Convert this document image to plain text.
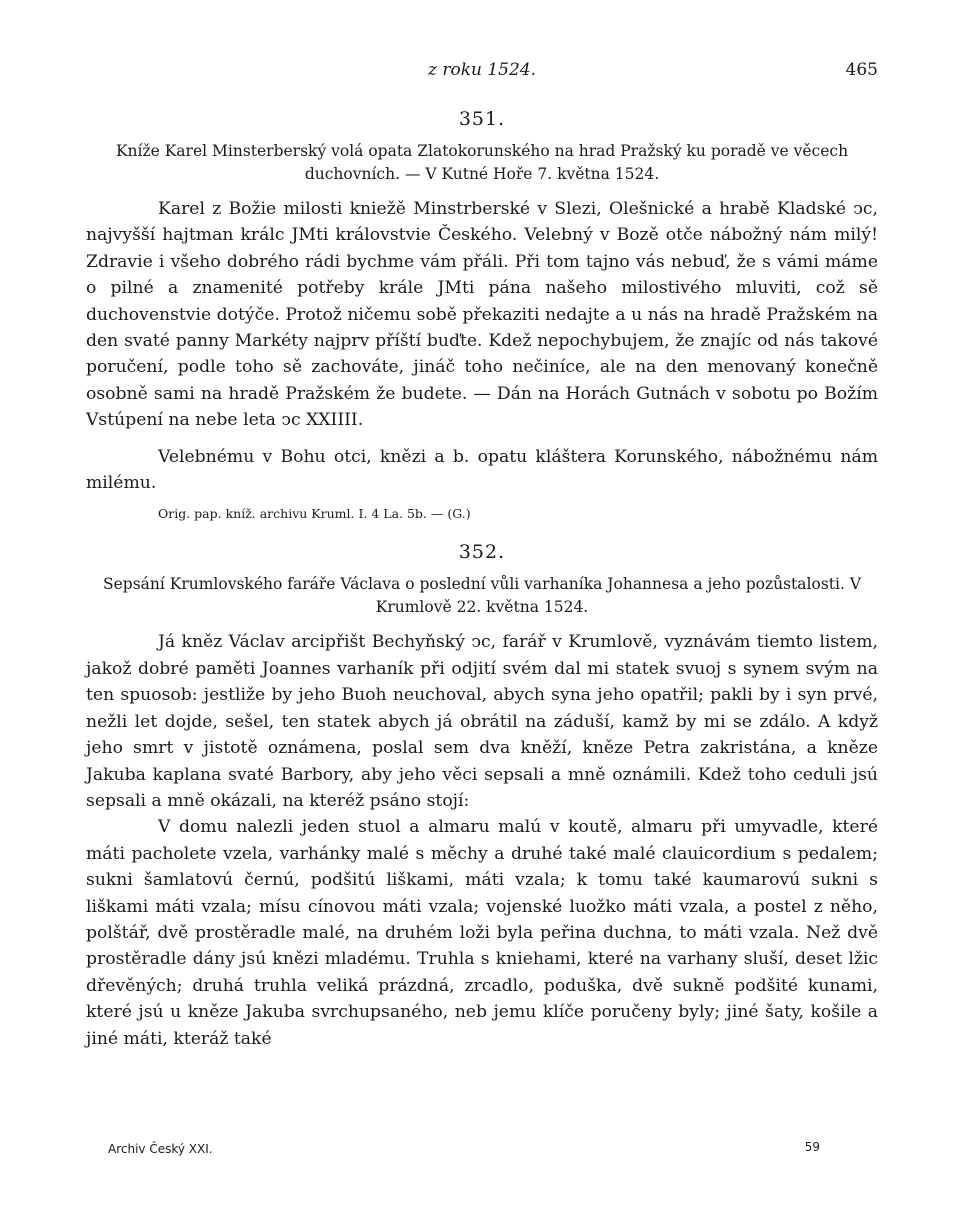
z roku 1524.	465
351.
Kníže Karel Minsterberský volá opata Zlatokorunského na hrad Pražský ku poradě ve věcech duchovních. — V Kutné Hoře 7. května 1524.

Karel z Božie milosti kniežě Minstrberské v Slezi, Olešnické a hrabě Kladské ͻc, najvyšší hajtman králc JMti královstvie Českého. Velebný v Bozě otče nábožný nám milý! Zdravie i všeho dobrého rádi bychme vám přáli. Při tom tajno vás nebuď, že s vámi máme o pilné a znamenité potřeby krále JMti pána našeho milostivého mluviti, což sě duchovenstvie dotýče. Protož ničemu sobě překaziti nedajte a u nás na hradě Pražském na den svaté panny Markéty najprv příští buďte. Kdež nepochybujem, že znajíc od nás takové poručení, podle toho sě zachováte, jináč toho nečiníce, ale na den menovaný konečně osobně sami na hradě Pražském že budete. — Dán na Horách Gutnách v sobotu po Božím Vstúpení na nebe leta ͻc XXIIII.

Velebnému v Bohu otci, knězi a b. opatu kláštera Korunského, nábožnému nám milému.

Orig. pap. kníž. archivu Kruml. I. 4 La. 5b. — (G.)
352.
Sepsání Krumlovského faráře Václava o poslední vůli varhaníka Johannesa a jeho pozůstalosti. V Krumlově 22. května 1524.

Já kněz Václav arcipřišt Bechyňský ͻc, farář v Krumlově, vyznávám tiemto listem, jakož dobré paměti Joannes varhaník při odjití svém dal mi statek svuoj s synem svým na ten spuosob: jestliže by jeho Buoh neuchoval, abych syna jeho opatřil; pakli by i syn prvé, nežli let dojde, sešel, ten statek abych já obrátil na záduší, kamž by mi se zdálo. A když jeho smrt v jistotě oznámena, poslal sem dva kněží, kněze Petra zakristána, a kněze Jakuba kaplana svaté Barbory, aby jeho věci sepsali a mně oznámili. Kdež toho ceduli jsú sepsali a mně okázali, na kteréž psáno stojí:

V domu nalezli jeden stuol a almaru malú v koutě, almaru při umyvadle, které máti pacholete vzela, varhánky malé s měchy a druhé také malé clauicordium s pedalem; sukni šamlatovú černú, podšitú liškami, máti vzala; k tomu také kaumarovú sukni s liškami máti vzala; mísu cínovou máti vzala; vojenské luožko máti vzala, a postel z něho, polštář, dvě prostěradle malé, na druhém loži byla peřina duchna, to máti vzala. Než dvě prostěradle dány jsú knězi mladému. Truhla s kniehami, které na varhany sluší, deset lžic dřevěných; druhá truhla veliká prázdná, zrcadlo, poduška, dvě sukně podšité kunami, které jsú u kněze Jakuba svrchupsaného, neb jemu klíče poručeny byly; jiné šaty, košile a jiné máti, kteráž také

Archiv Český XXI.	59
